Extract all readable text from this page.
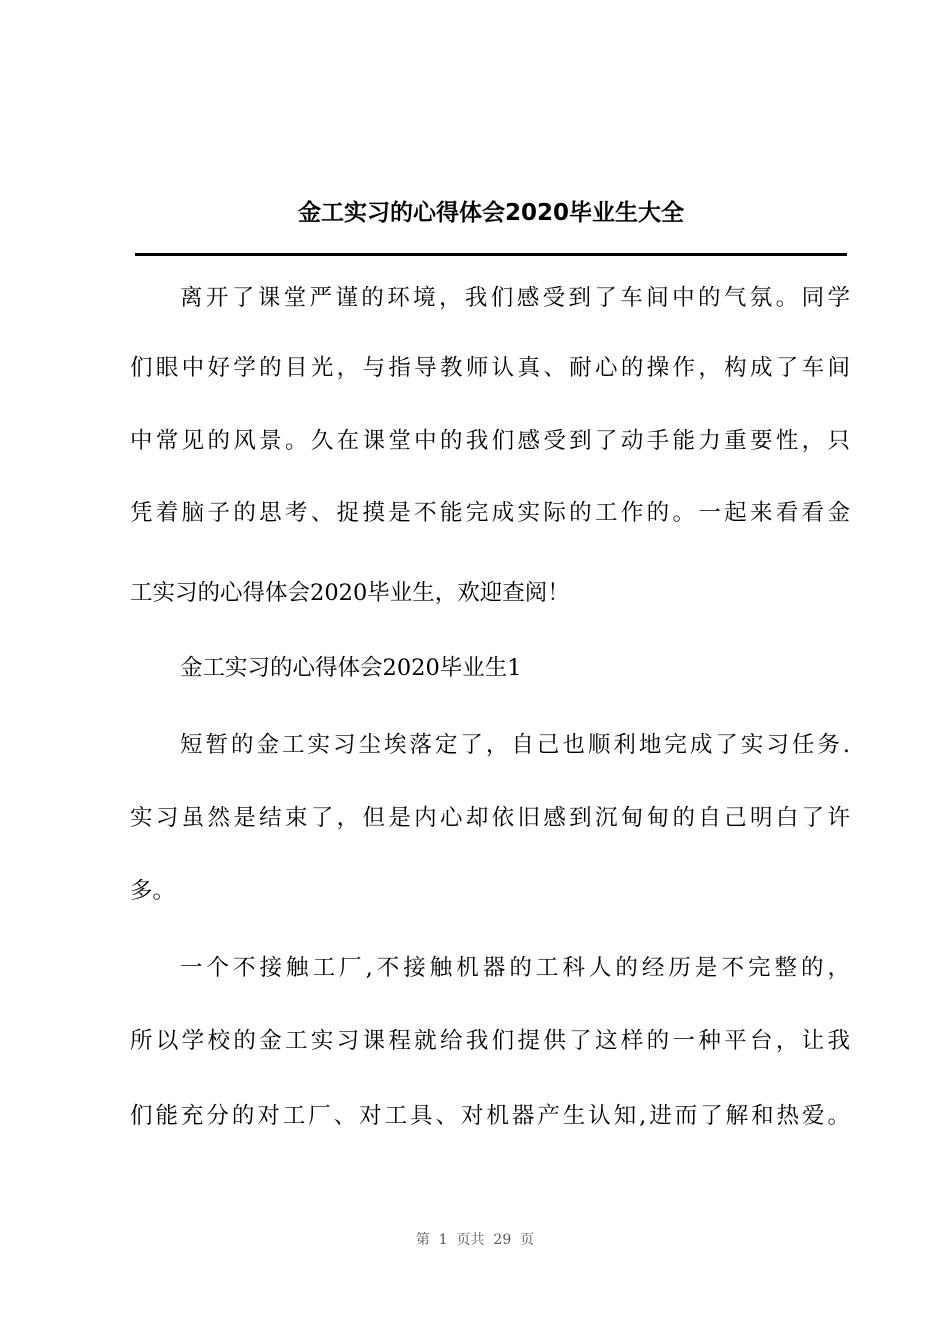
金工实习的心得体会2020毕业生大全
离开了课堂严谨的环境，我们感受到了车间中的气氛。同学
们眼中好学的目光，与指导教师认真、耐心的操作，构成了车间
中常见的风景。久在课堂中的我们感受到了动手能力重要性，只
凭着脑子的思考、捉摸是不能完成实际的工作的。一起来看看金
工实习的心得体会2020毕业生，欢迎查阅！
金工实习的心得体会2020毕业生1
短暂的金工实习尘埃落定了，自己也顺利地完成了实习任务.
实习虽然是结束了，但是内心却依旧感到沉甸甸的自己明白了许
多。
一个不接触工厂,不接触机器的工科人的经历是不完整的，
所以学校的金工实习课程就给我们提供了这样的一种平台，让我
们能充分的对工厂、对工具、对机器产生认知,进而了解和热爱。
第  1  页共  29  页
